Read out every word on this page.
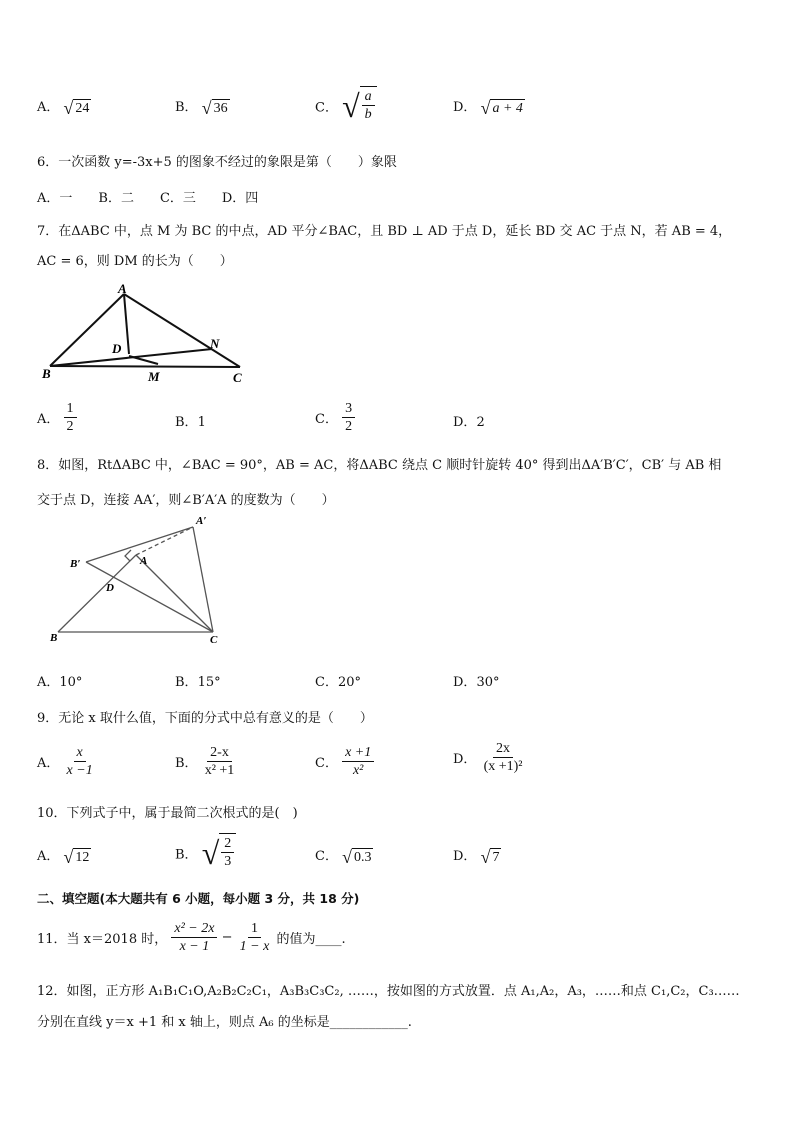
A． √ 24	B． √ 36	C． √ $\frac{a}{b}$	D． √ a + 4
6．一次函数 y=-3x+5 的图象不经过的象限是第（　　）象限
A．一　　B．二　　C．三　　D．四
7．在ΔABC 中，点 M 为 BC 的中点，AD 平分∠BAC，且 BD ⊥ AD 于点 D，延长 BD 交 AC 于点 N，若 AB = 4，
AC = 6，则 DM 的长为（　　）
A
D	N
B	M	C
A． $\frac{1}{2}$	B．1	C． $\frac{3}{2}$	D．2
8．如图，RtΔABC 中，∠BAC = 90°，AB = AC，将ΔABC 绕点 C 顺时针旋转 40° 得到出ΔA′B′C′，CB′ 与 AB 相
交于点 D，连接 AA′，则∠B′A′A 的度数为（　　）
A′
B′	A
D
B	C
A．10°	B．15°	C．20°	D．30°
9．无论 x 取什么值，下面的分式中总有意义的是（　　）
A． $\frac{x}{x -1}$	B． $\frac{2-x}{\text{x² +1}}$	C． $\frac{x +1}{\text{x²}}$	D． $\frac{2x}{\text{(x +1)²}}$
10．下列式子中，属于最简二次根式的是(　)
A． √ 12	B． √ $\frac{2}{3}$	C． √ 0.3	D． √ 7
二、填空题(本大题共有 6 小题，每小题 3 分，共 18 分)
11．当 x＝2018 时， $\frac{\text{x² − 2x}}{x - 1} - \frac{1}{1 - x}$ 的值为____.
12．如图，正方形 A₁B₁C₁O,A₂B₂C₂C₁，A₃B₃C₃C₂, ……，按如图的方式放置．点 A₁,A₂，A₃，……和点 C₁,C₂，C₃……
分别在直线 y＝x +1 和 x 轴上，则点 A₆ 的坐标是____________.
